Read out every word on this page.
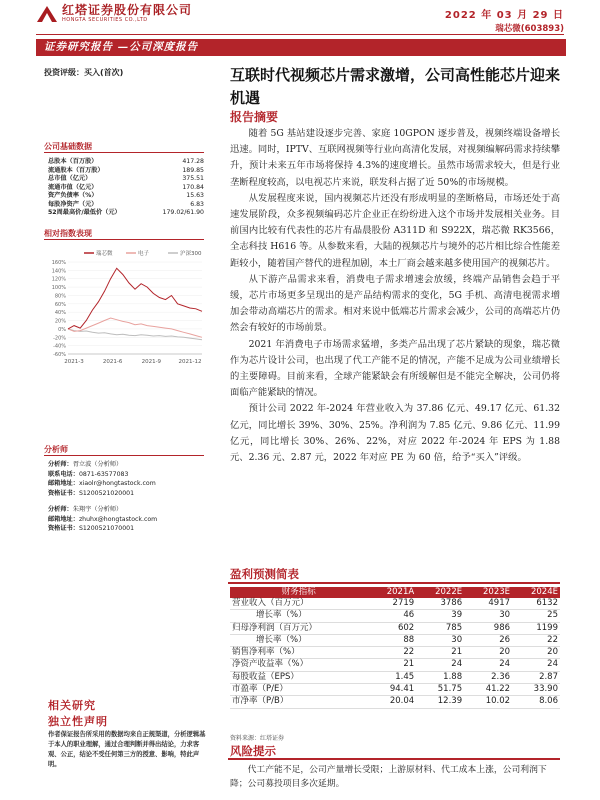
红塔证券股份有限公司
HONGTA SECURITIES CO.,LTD	2022 年 03 月 29 日
瑞芯微(603893)
证券研究报告 —公司深度报告
投资评级：买入(首次)
公司基础数据
总股本（百万股）	417.28
流通股本（百万股）	189.85
总市值（亿元）	375.51
流通市值（亿元）	170.84
资产负债率（%）	15.63
每股净资产（元）	6.83
52周最高价/最低价（元）	179.02/61.90
相对指数表现
瑞芯微	电子	沪深300
160%
140%
120%
100%
80%
60%
40%
20%
0%
-20%
-40%
-60%
2021-3	2021-6	2021-9	2021-12
分析师
分析师：胥立波（分析师）
联系电话：0871-63577083
邮箱地址：xiaolr@hongtastock.com
资格证书：S1200521020001
分析师：朱翔宇（分析师）
邮箱地址：zhuhx@hongtastock.com
资格证书：S1200521070001
相关研究
独立性声明
作者保证报告所采用的数据均来自正规渠道，分析逻辑基于本人的职业理解，通过合理判断并得出结论，力求客观、公正，结论不受任何第三方的授意、影响，特此声明。
互联时代视频芯片需求激增，公司高性能芯片迎来机遇
报告摘要

随着 5G 基站建设逐步完善、家庭 10GPON 逐步普及，视频终端设备增长迅速。同时，IPTV、互联网视频等行业向高清化发展，对视频编解码需求持续攀升，预计未来五年市场将保持 4.3%的速度增长。虽然市场需求较大，但是行业垄断程度较高，以电视芯片来说，联发科占据了近 50%的市场规模。

从发展程度来说，国内视频芯片还没有形成明显的垄断格局，市场还处于高速发展阶段，众多视频编码芯片企业正在纷纷进入这个市场并发展相关业务。目前国内比较有代表性的芯片有晶晨股份 A311D 和 S922X，瑞芯微 RK3566，全志科技 H616 等。从参数来看，大陆的视频芯片与境外的芯片相比综合性能差距较小，随着国产替代的进程加剧，本土厂商会越来越多使用国产的视频芯片。

从下游产品需求来看，消费电子需求增速会放缓，终端产品销售会趋于平缓，芯片市场更多呈现出的是产品结构需求的变化，5G 手机、高清电视需求增加会带动高端芯片的需求。相对来说中低端芯片需求会减少，公司的高端芯片仍然会有较好的市场前景。

2021 年消费电子市场需求猛增，多类产品出现了芯片紧缺的现象，瑞芯微作为芯片设计公司，也出现了代工产能不足的情况，产能不足成为公司业绩增长的主要障碍。目前来看，全球产能紧缺会有所缓解但是不能完全解决，公司仍将面临产能紧缺的情况。

预计公司 2022 年-2024 年营业收入为 37.86 亿元、49.17 亿元、61.32 亿元，同比增长 39%、30%、25%。净利润为 7.85 亿元、9.86 亿元、11.99 亿元，同比增长 30%、26%、22%，对应 2022 年-2024 年 EPS 为 1.88 元、2.36 元、2.87 元，2022 年对应 PE 为 60 倍，给予“买入”评级。

盈利预测简表
财务指标	2021A	2022E	2023E	2024E
营业收入（百万元）	2719	3786	4917	6132
增长率（%）	46	39	30	25
归母净利润（百万元）	602	785	986	1199
增长率（%）	88	30	26	22
销售净利率（%）	22	21	20	20
净资产收益率（%）	21	24	24	24
每股收益（EPS）	1.45	1.88	2.36	2.87
市盈率（P/E）	94.41	51.75	41.22	33.90
市净率（P/B）	20.04	12.39	10.02	8.06
资料来源：红塔证券
风险提示
代工产能不足，公司产量增长受限；上游原材料、代工成本上涨，公司利润下降；公司募投项目多次延期。
